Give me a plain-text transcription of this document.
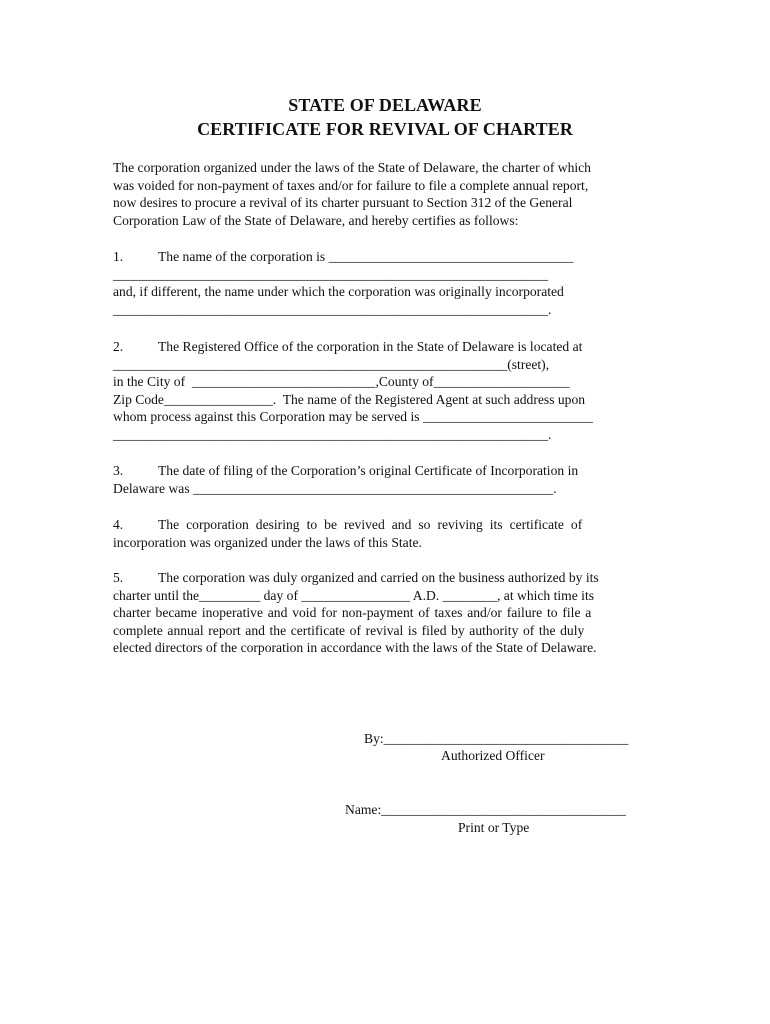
STATE OF DELAWARE
CERTIFICATE FOR REVIVAL OF CHARTER
The corporation organized under the laws of the State of Delaware, the charter of which
was voided for non-payment of taxes and/or for failure to file a complete annual report,
now desires to procure a revival of its charter pursuant to Section 312 of the General
Corporation Law of the State of Delaware, and hereby certifies as follows:
1.	The name of the corporation is ____________________________________
________________________________________________________________
and, if different, the name under which the corporation was originally incorporated
________________________________________________________________.
2.	The Registered Office of the corporation in the State of Delaware is located at
__________________________________________________________(street),
in the City of ___________________________,County of____________________
Zip Code________________. The name of the Registered Agent at such address upon
whom process against this Corporation may be served is _________________________
________________________________________________________________.
3.	The date of filing of the Corporation’s original Certificate of Incorporation in
Delaware was _____________________________________________________.
4.	The corporation desiring to be revived and so reviving its certificate of
incorporation was organized under the laws of this State.
5.	The corporation was duly organized and carried on the business authorized by its
charter until the_________ day of ________________ A.D. ________, at which time its
charter became inoperative and void for non-payment of taxes and/or failure to file a
complete annual report and the certificate of revival is filed by authority of the duly
elected directors of the corporation in accordance with the laws of the State of Delaware.
By:____________________________________
Authorized Officer
Name:____________________________________
Print or Type
